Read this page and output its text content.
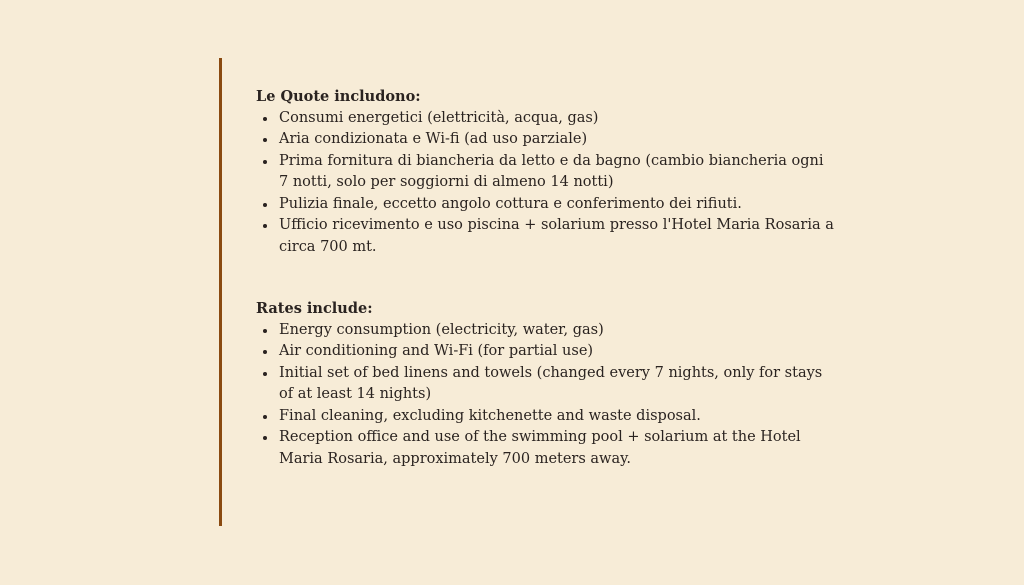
Le Quote includono:

Consumi energetici (elettricità, acqua, gas)
Aria condizionata e Wi-fi (ad uso parziale)
Prima fornitura di biancheria da letto e da bagno (cambio biancheria ogni 7 notti, solo per soggiorni di almeno 14 notti)
Pulizia finale, eccetto angolo cottura e conferimento dei rifiuti.
Ufficio ricevimento e uso piscina + solarium presso l'Hotel Maria Rosaria a circa 700 mt.

Rates include:

Energy consumption (electricity, water, gas)
Air conditioning and Wi-Fi (for partial use)
Initial set of bed linens and towels (changed every 7 nights, only for stays of at least 14 nights)
Final cleaning, excluding kitchenette and waste disposal.
Reception office and use of the swimming pool + solarium at the Hotel Maria Rosaria, approximately 700 meters away.
